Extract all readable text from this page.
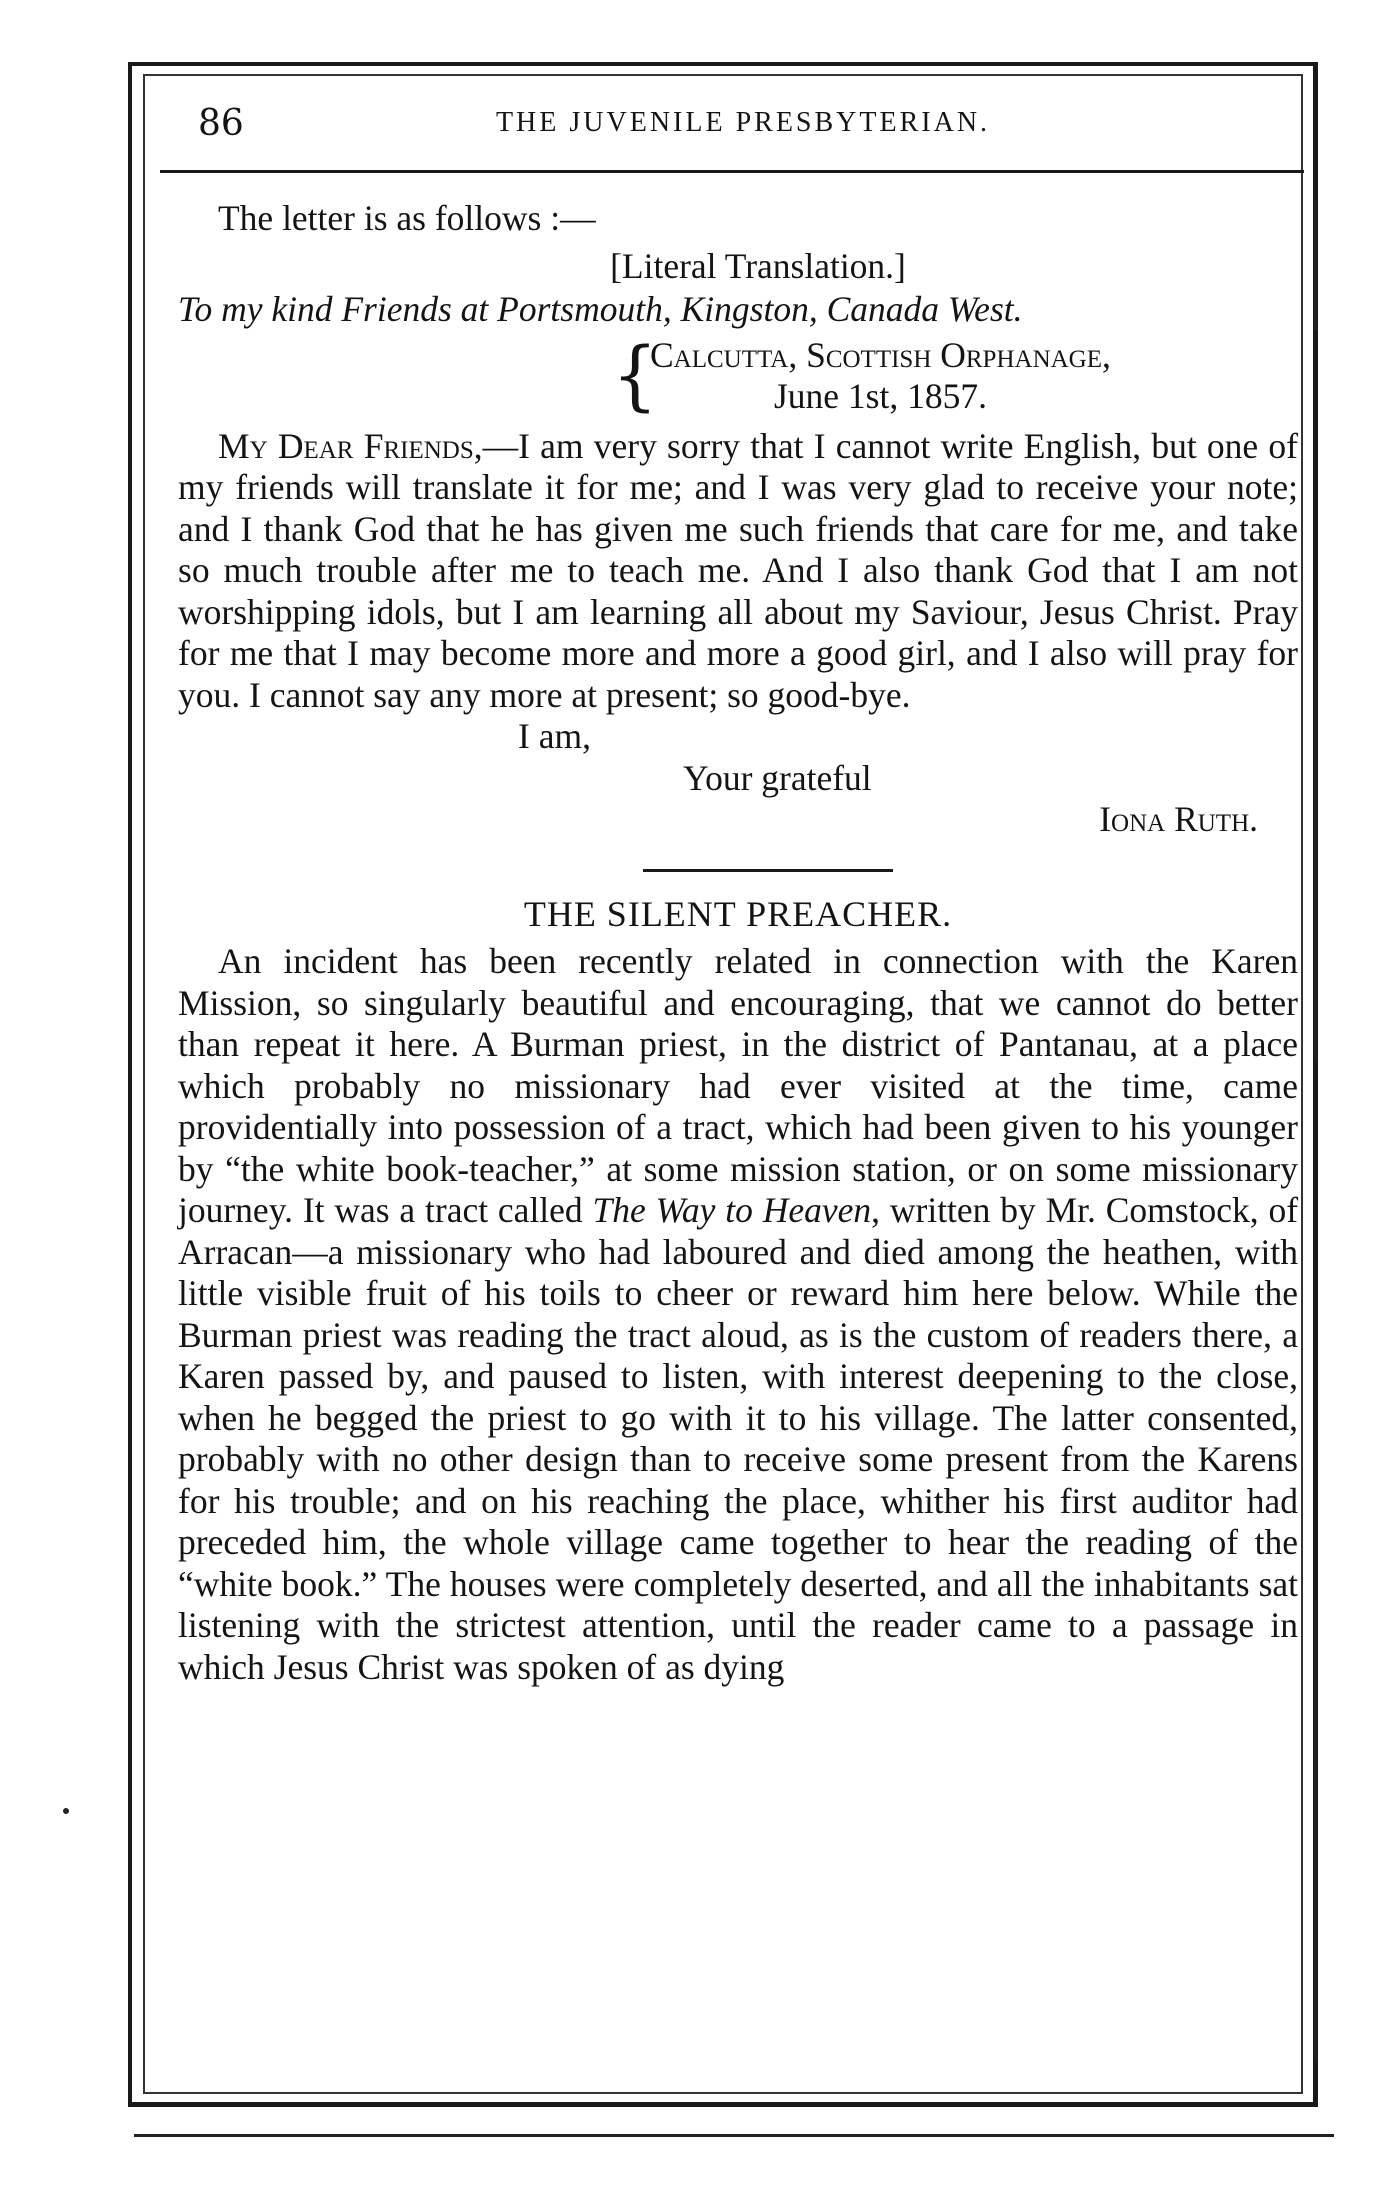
86	THE JUVENILE PRESBYTERIAN.

The letter is as follows :—

[Literal Translation.]

To my kind Friends at Portsmouth, Kingston, Canada West.

{
Calcutta, Scottish Orphanage,
June 1st, 1857.

My Dear Friends,—I am very sorry that I cannot write English, but one of my friends will translate it for me; and I was very glad to receive your note; and I thank God that he has given me such friends that care for me, and take so much trouble after me to teach me. And I also thank God that I am not worshipping idols, but I am learning all about my Saviour, Jesus Christ. Pray for me that I may become more and more a good girl, and I also will pray for you. I cannot say any more at present; so good-bye.

I am,

Your grateful

Iona Ruth.

THE SILENT PREACHER.

An incident has been recently related in connection with the Karen Mission, so singularly beautiful and encouraging, that we cannot do better than repeat it here. A Burman priest, in the district of Pantanau, at a place which probably no missionary had ever visited at the time, came providentially into possession of a tract, which had been given to his younger by “the white book-teacher,” at some mission station, or on some missionary journey. It was a tract called The Way to Heaven, written by Mr. Comstock, of Arracan—a missionary who had laboured and died among the heathen, with little visible fruit of his toils to cheer or reward him here below. While the Burman priest was reading the tract aloud, as is the custom of readers there, a Karen passed by, and paused to listen, with interest deepening to the close, when he begged the priest to go with it to his village. The latter consented, probably with no other design than to receive some present from the Karens for his trouble; and on his reaching the place, whither his first auditor had preceded him, the whole village came together to hear the reading of the “white book.” The houses were completely deserted, and all the inhabitants sat listening with the strictest attention, until the reader came to a passage in which Jesus Christ was spoken of as dying
